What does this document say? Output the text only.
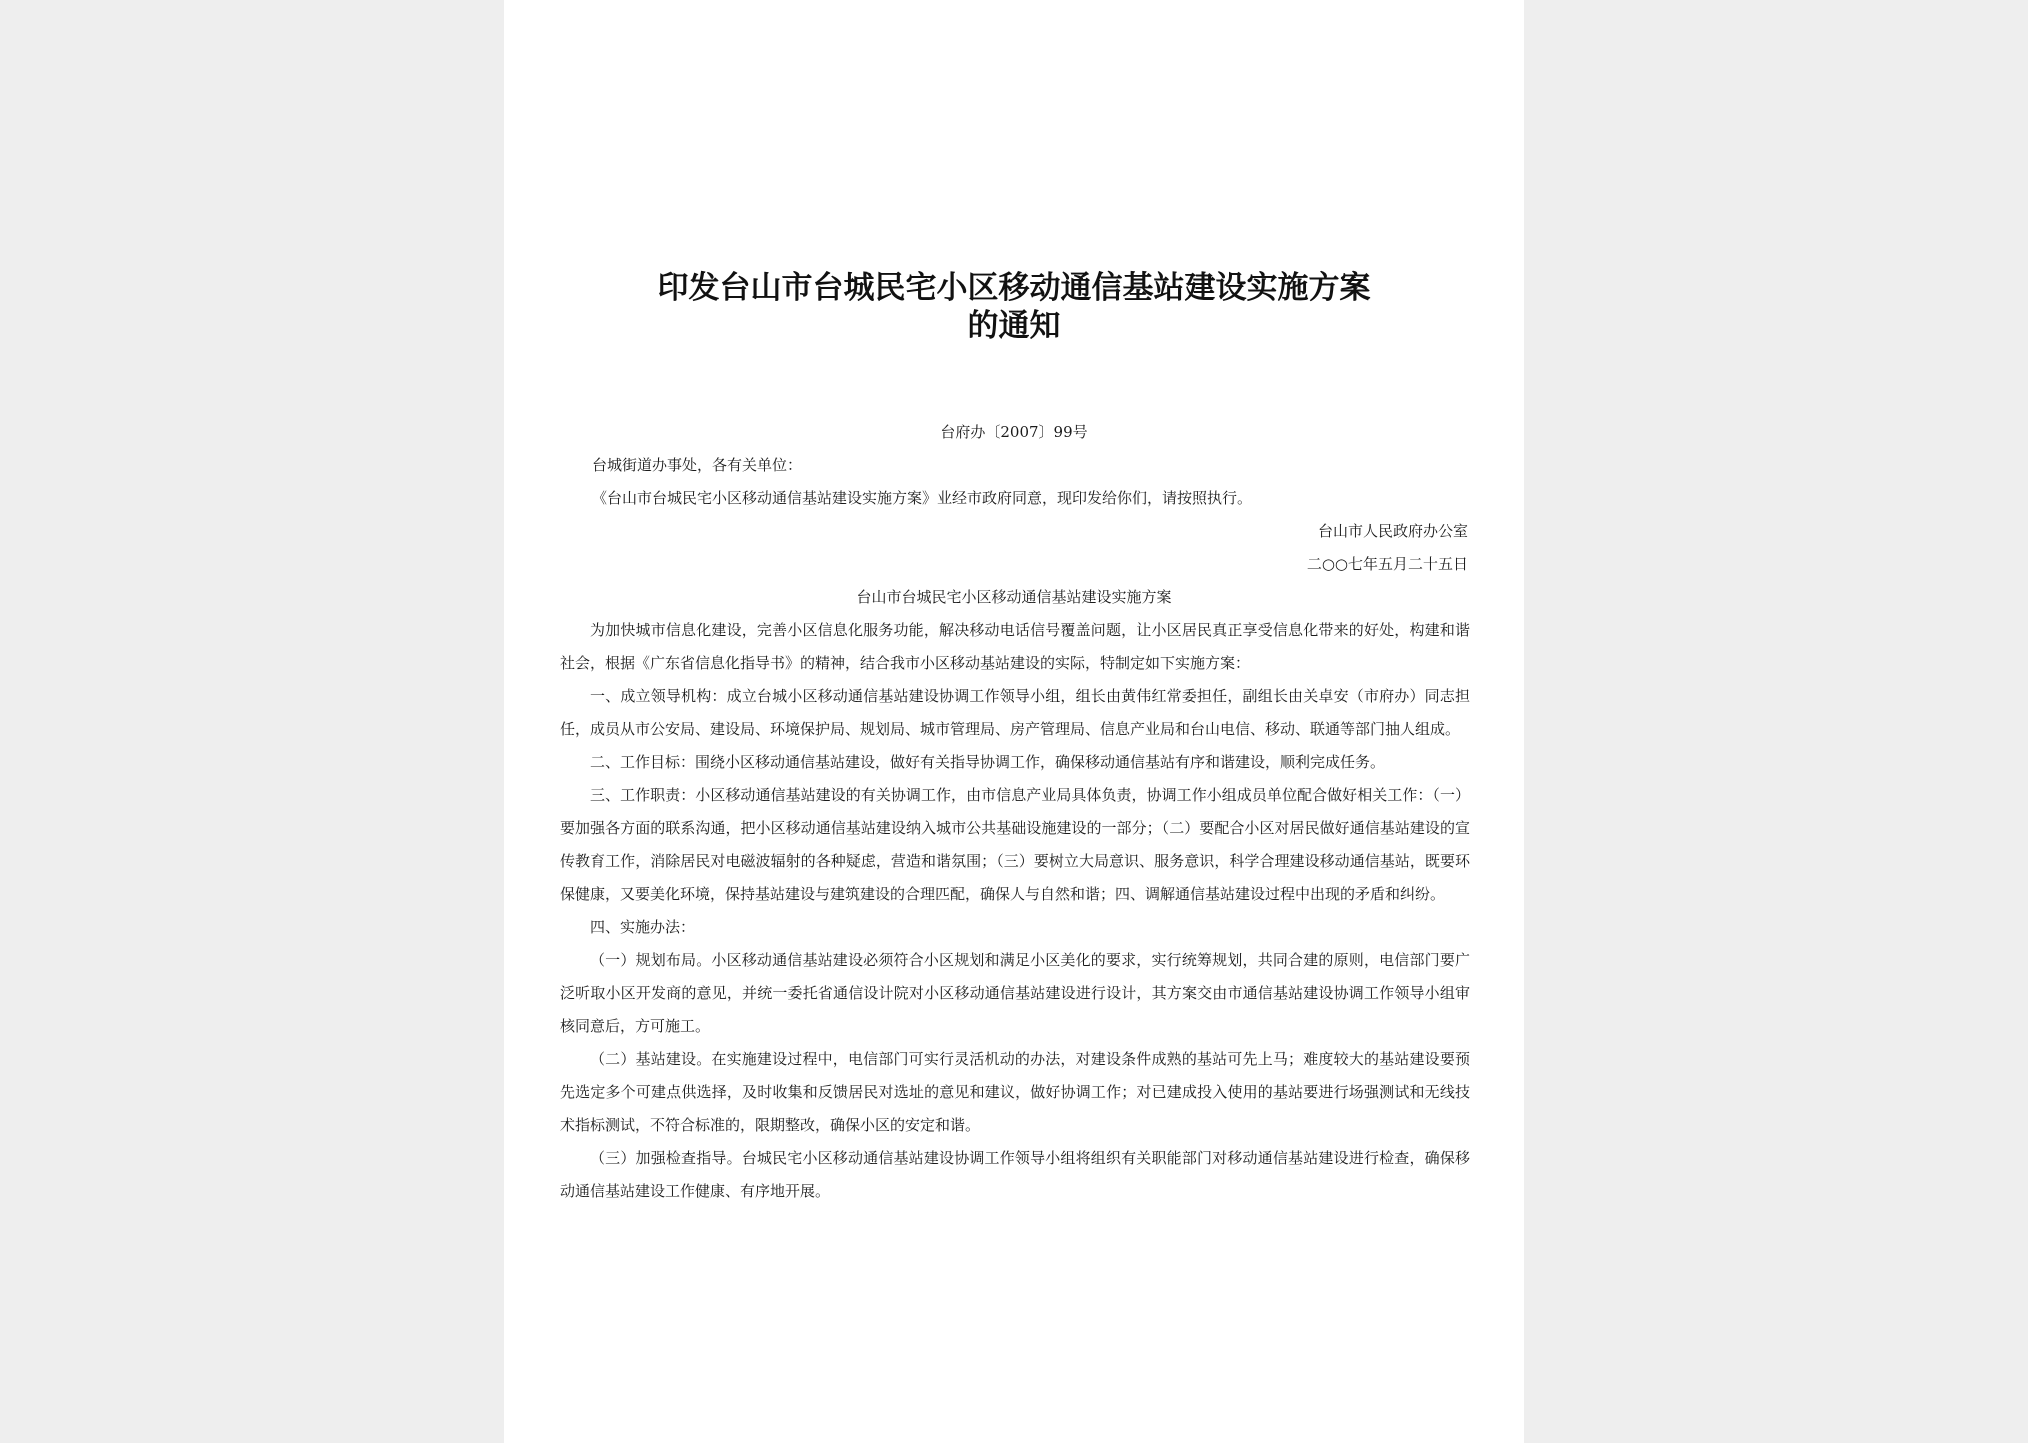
印发台山市台城民宅小区移动通信基站建设实施方案
的通知
台府办〔2007〕99号
台城街道办事处，各有关单位：
《台山市台城民宅小区移动通信基站建设实施方案》业经市政府同意，现印发给你们，请按照执行。
台山市人民政府办公室
二○○七年五月二十五日
台山市台城民宅小区移动通信基站建设实施方案

为加快城市信息化建设，完善小区信息化服务功能，解决移动电话信号覆盖问题，让小区居民真正享受信息化带来的好处，构建和谐社会，根据《广东省信息化指导书》的精神，结合我市小区移动基站建设的实际，特制定如下实施方案：

一、成立领导机构：成立台城小区移动通信基站建设协调工作领导小组，组长由黄伟红常委担任，副组长由关卓安（市府办）同志担任，成员从市公安局、建设局、环境保护局、规划局、城市管理局、房产管理局、信息产业局和台山电信、移动、联通等部门抽人组成。

二、工作目标：围绕小区移动通信基站建设，做好有关指导协调工作，确保移动通信基站有序和谐建设，顺利完成任务。

三、工作职责：小区移动通信基站建设的有关协调工作，由市信息产业局具体负责，协调工作小组成员单位配合做好相关工作：（一）要加强各方面的联系沟通，把小区移动通信基站建设纳入城市公共基础设施建设的一部分；（二）要配合小区对居民做好通信基站建设的宣传教育工作，消除居民对电磁波辐射的各种疑虑，营造和谐氛围；（三）要树立大局意识、服务意识，科学合理建设移动通信基站，既要环保健康，又要美化环境，保持基站建设与建筑建设的合理匹配，确保人与自然和谐；四、调解通信基站建设过程中出现的矛盾和纠纷。

四、实施办法：

（一）规划布局。小区移动通信基站建设必须符合小区规划和满足小区美化的要求，实行统筹规划，共同合建的原则，电信部门要广泛听取小区开发商的意见，并统一委托省通信设计院对小区移动通信基站建设进行设计，其方案交由市通信基站建设协调工作领导小组审核同意后，方可施工。

（二）基站建设。在实施建设过程中，电信部门可实行灵活机动的办法，对建设条件成熟的基站可先上马；难度较大的基站建设要预先选定多个可建点供选择，及时收集和反馈居民对选址的意见和建议，做好协调工作；对已建成投入使用的基站要进行场强测试和无线技术指标测试，不符合标准的，限期整改，确保小区的安定和谐。

（三）加强检查指导。台城民宅小区移动通信基站建设协调工作领导小组将组织有关职能部门对移动通信基站建设进行检查，确保移动通信基站建设工作健康、有序地开展。
